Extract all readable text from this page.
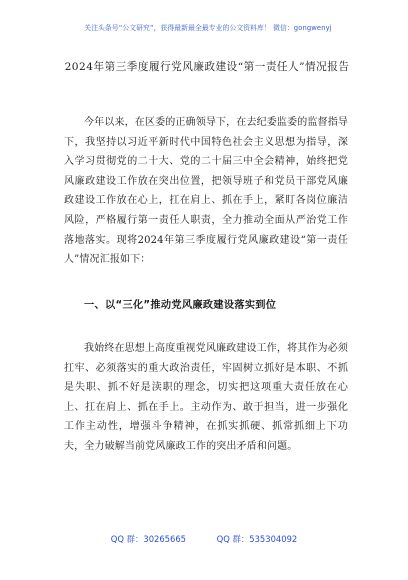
关注头条号“公文研究”，获得最新最全最专业的公文资料库！ 微信：gongwenyj
2024年第三季度履行党风廉政建设“第一责任人”情况报告

今年以来，在区委的正确领导下，在去纪委监委的监督指导下，我坚持以习近平新时代中国特色社会主义思想为指导，深入学习贯彻党的二十大、党的二十届三中全会精神，始终把党风廉政建设工作放在突出位置，把领导班子和党员干部党风廉政建设工作放在心上，扛在肩上、抓在手上，紧盯各岗位廉洁风险，严格履行第一责任人职责，全力推动全面从严治党工作落地落实。现将2024年第三季度履行党风廉政建设“第一责任人”情况汇报如下：

一、以“三化”推动党风廉政建设落实到位

我始终在思想上高度重视党风廉政建设工作，将其作为必须扛牢、必须落实的重大政治责任，牢固树立抓好是本职、不抓是失职、抓不好是渎职的理念，切实把这项重大责任放在心上、扛在肩上、抓在手上。主动作为、敢于担当，进一步强化工作主动性，增强斗争精神，在抓实抓硬、抓常抓细上下功夫，全力破解当前党风廉政工作的突出矛盾和问题。

QQ 群：30265665	QQ 群：535304092
